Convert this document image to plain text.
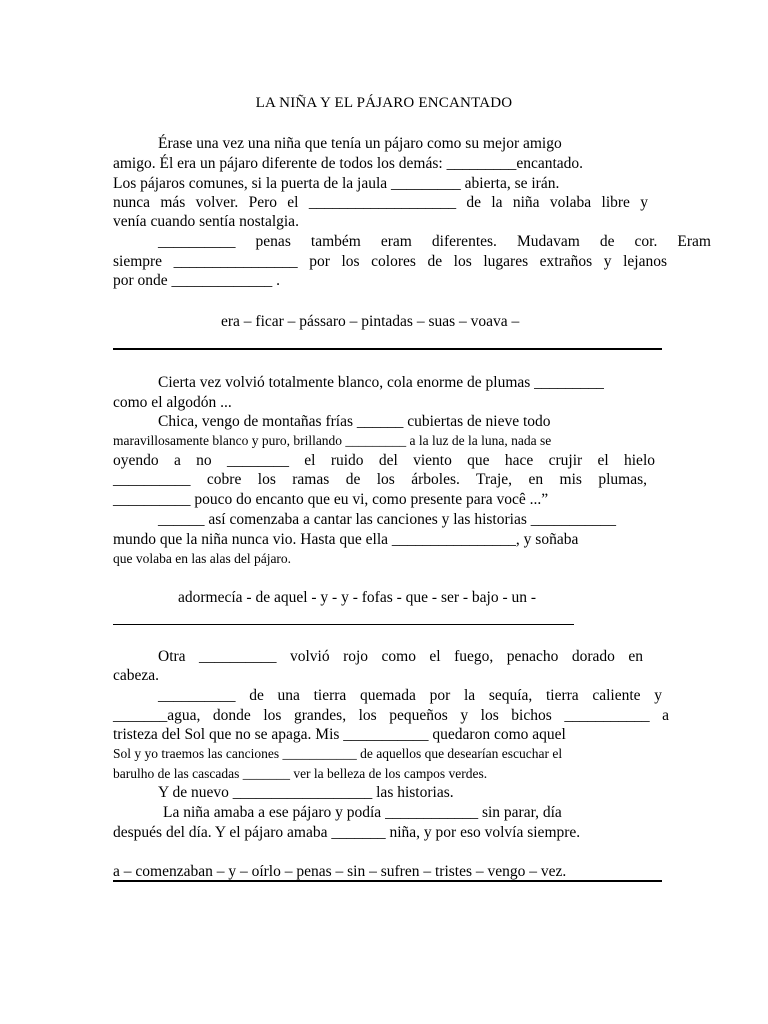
LA NIÑA Y EL PÁJARO ENCANTADO
Érase una vez una niña que tenía un pájaro como su mejor amigo
amigo. Él era un pájaro diferente de todos los demás: _________encantado.
Los pájaros comunes, si la puerta de la jaula _________ abierta, se irán.
nunca más volver. Pero el ___________________ de la niña volaba libre y
venía cuando sentía nostalgia.
__________ penas também eram diferentes. Mudavam de cor. Eram
siempre ________________ por los colores de los lugares extraños y lejanos
por onde _____________ .
era – ficar – pássaro – pintadas – suas – voava –
Cierta vez volvió totalmente blanco, cola enorme de plumas _________
como el algodón ...
Chica, vengo de montañas frías ______ cubiertas de nieve todo
maravillosamente blanco y puro, brillando _________ a la luz de la luna, nada se
oyendo a no ________ el ruido del viento que hace crujir el hielo
__________ cobre los ramas de los árboles. Traje, en mis plumas,
__________ pouco do encanto que eu vi, como presente para você ...”
______ así comenzaba a cantar las canciones y las historias ___________
mundo que la niña nunca vio. Hasta que ella ________________, y soñaba
que volaba en las alas del pájaro.
adormecía - de aquel - y - y - fofas - que - ser - bajo - un -
Otra __________ volvió rojo como el fuego, penacho dorado en
cabeza.
__________ de una tierra quemada por la sequía, tierra caliente y
_______agua, donde los grandes, los pequeños y los bichos ___________ a
tristeza del Sol que no se apaga. Mis ___________ quedaron como aquel
Sol y yo traemos las canciones ___________ de aquellos que desearían escuchar el
barulho de las cascadas _______ ver la belleza de los campos verdes.
Y de nuevo __________________ las historias.
La niña amaba a ese pájaro y podía ____________ sin parar, día
después del día. Y el pájaro amaba _______ niña, y por eso volvía siempre.
a – comenzaban – y – oírlo – penas – sin – sufren – tristes – vengo – vez.
